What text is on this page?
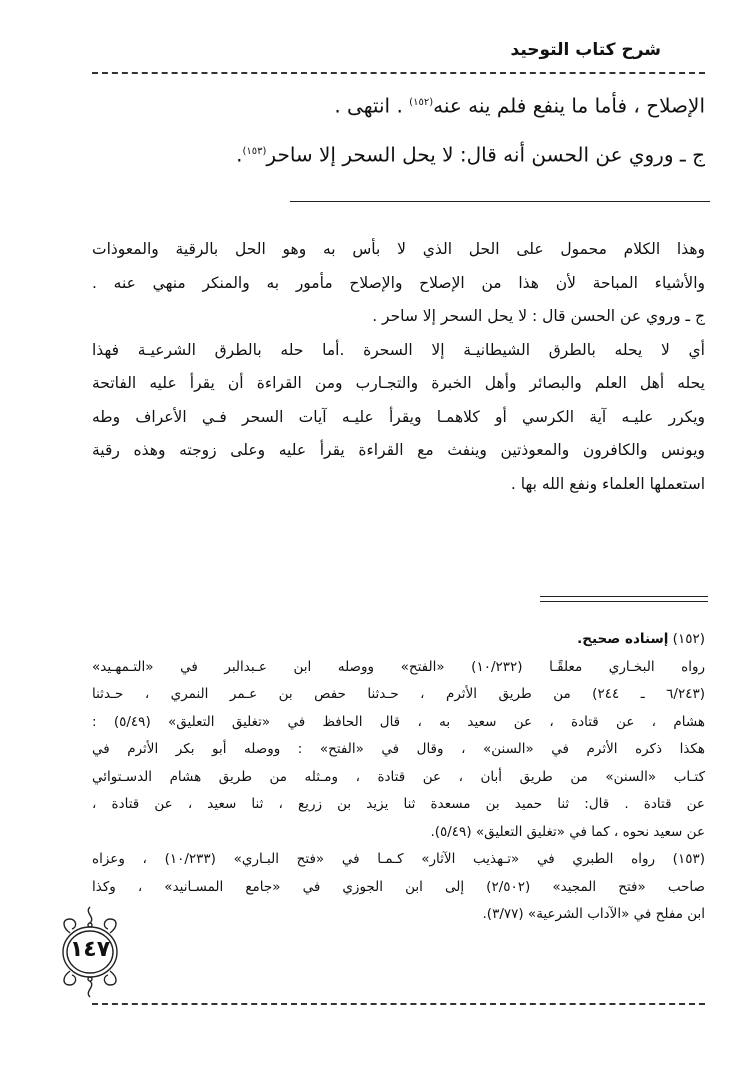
شرح كتاب التوحيد
الإصلاح ، فأما ما ينفع فلم ينه عنه$^{(١٥٢)}$ . انتهى .
ج ـ وروي عن الحسن أنه قال: لا يحل السحر إلا ساحر$^{(١٥٣)}$.
وهذا الكلام محمول على الحل الذي لا بأس به وهو الحل بالرقية والمعوذات
والأشياء المباحة لأن هذا من الإصلاح والإصلاح مأمور به والمنكر منهي عنه .
ج ـ وروي عن الحسن قال : لا يحل السحر إلا ساحر .
أي لا يحله بالطرق الشيطانيـة إلا السحرة .أما حله بالطرق الشرعيـة فهذا
يحله أهل العلم والبصائر وأهل الخبرة والتجـارب ومن القراءة أن يقرأ عليه الفاتحة
ويكرر عليـه آية الكرسي أو كلاهمـا ويقرأ عليـه آيات السحر فـي الأعراف وطه
ويونس والكافرون والمعوذتين وينفث مع القراءة يقرأ عليه وعلى زوجته وهذه رقية
استعملها العلماء ونفع الله بها .
(١٥٢) إسناده صحيح.
رواه البخـاري معلقًـا (١٠/٢٣٢) «الفتح» ووصله ابن عـبدالبر في «التـمهـيد»
(٦/٢٤٣ ـ ٢٤٤) من طريق الأثرم ، حـدثنا حفص بن عـمر النمري ، حـدثنا
هشام ، عن قتادة ، عن سعيد به ، قال الحافظ في «تغليق التعليق» (٥/٤٩) :
هكذا ذكره الأثرم في «السنن» ، وقال في «الفتح» : ووصله أبو بكر الأثرم في
كتـاب «السنن» من طريق أبان ، عن قتادة ، ومـثله من طريق هشام الدسـتوائي
عن قتادة . قال: ثنا حميد بن مسعدة ثنا يزيد بن زريع ، ثنا سعيد ، عن قتادة ،
عن سعيد نحوه ، كما في «تغليق التعليق» (٥/٤٩).
(١٥٣) رواه الطبري في «تـهذيب الآثار» كـمـا في «فتح البـاري» (١٠/٢٣٣) ، وعزاه
صاحب «فتح المجيد» (٢/٥٠٢) إلى ابن الجوزي في «جامع المسـانيد» ، وكذا
ابن مفلح في «الآداب الشرعية» (٣/٧٧).
١٤٧
